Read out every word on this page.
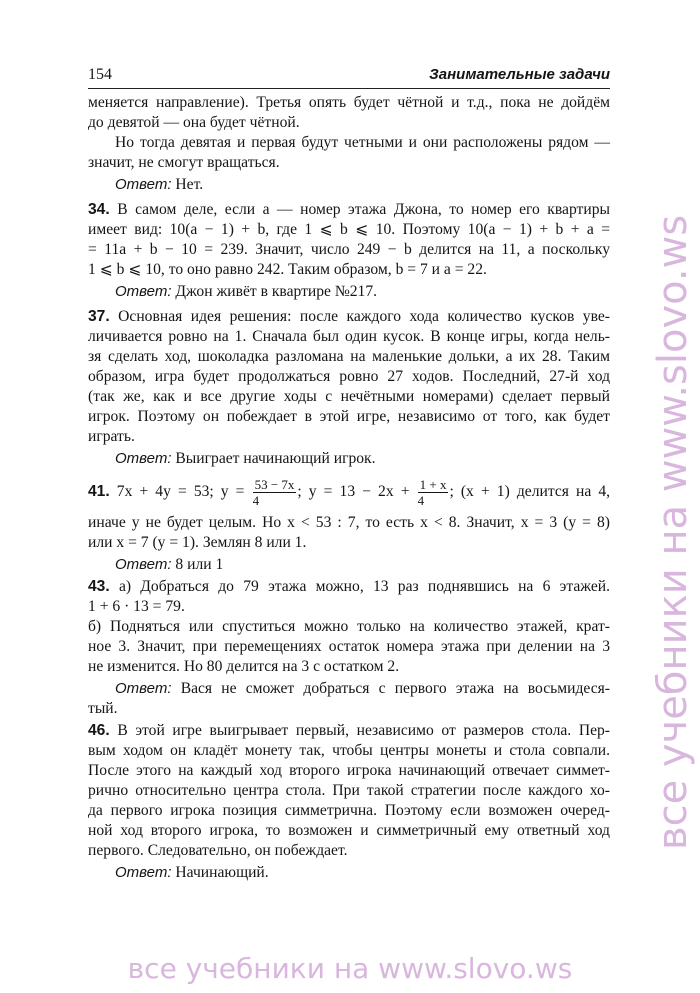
154	Занимательные задачи
меняется направление). Третья опять будет чётной и т.д., пока не дойдём
до девятой — она будет чётной.
Но тогда девятая и первая будут четными и они расположены рядом —
значит, не смогут вращаться.
Ответ: Нет.
34. В самом деле, если a — номер этажа Джона, то номер его квартиры
имеет вид: 10(a − 1) + b, где 1 ⩽ b ⩽ 10. Поэтому 10(a − 1) + b + a =
= 11a + b − 10 = 239. Значит, число 249 − b делится на 11, а поскольку
1 ⩽ b ⩽ 10, то оно равно 242. Таким образом, b = 7 и a = 22.
Ответ: Джон живёт в квартире №217.
37. Основная идея решения: после каждого хода количество кусков уве-
личивается ровно на 1. Сначала был один кусок. В конце игры, когда нель-
зя сделать ход, шоколадка разломана на маленькие дольки, а их 28. Таким
образом, игра будет продолжаться ровно 27 ходов. Последний, 27-й ход
(так же, как и все другие ходы с нечётными номерами) сделает первый
игрок. Поэтому он побеждает в этой игре, независимо от того, как будет
играть.
Ответ: Выиграет начинающий игрок.
41. 7x + 4y = 53; $y = \frac{53 - 7x}{4}$ ; $y = 13 - 2x + \frac{1 + x}{4}$ ; (x + 1) делится на 4,
иначе y не будет целым. Но x < 53 : 7, то есть x < 8. Значит, x = 3 (y = 8)
или x = 7 (y = 1). Землян 8 или 1.
Ответ: 8 или 1
43. а) Добраться до 79 этажа можно, 13 раз поднявшись на 6 этажей.
1 + 6 · 13 = 79.
б) Подняться или спуститься можно только на количество этажей, крат-
ное 3. Значит, при перемещениях остаток номера этажа при делении на 3
не изменится. Но 80 делится на 3 с остатком 2.
Ответ: Вася не сможет добраться с первого этажа на восьмидеся-
тый.
46. В этой игре выигрывает первый, независимо от размеров стола. Пер-
вым ходом он кладёт монету так, чтобы центры монеты и стола совпали.
После этого на каждый ход второго игрока начинающий отвечает симмет-
рично относительно центра стола. При такой стратегии после каждого хо-
да первого игрока позиция симметрична. Поэтому если возможен очеред-
ной ход второго игрока, то возможен и симметричный ему ответный ход
первого. Следовательно, он побеждает.
Ответ: Начинающий.
все учебники на www.slovo.ws
все учебники на www.slovo.ws
